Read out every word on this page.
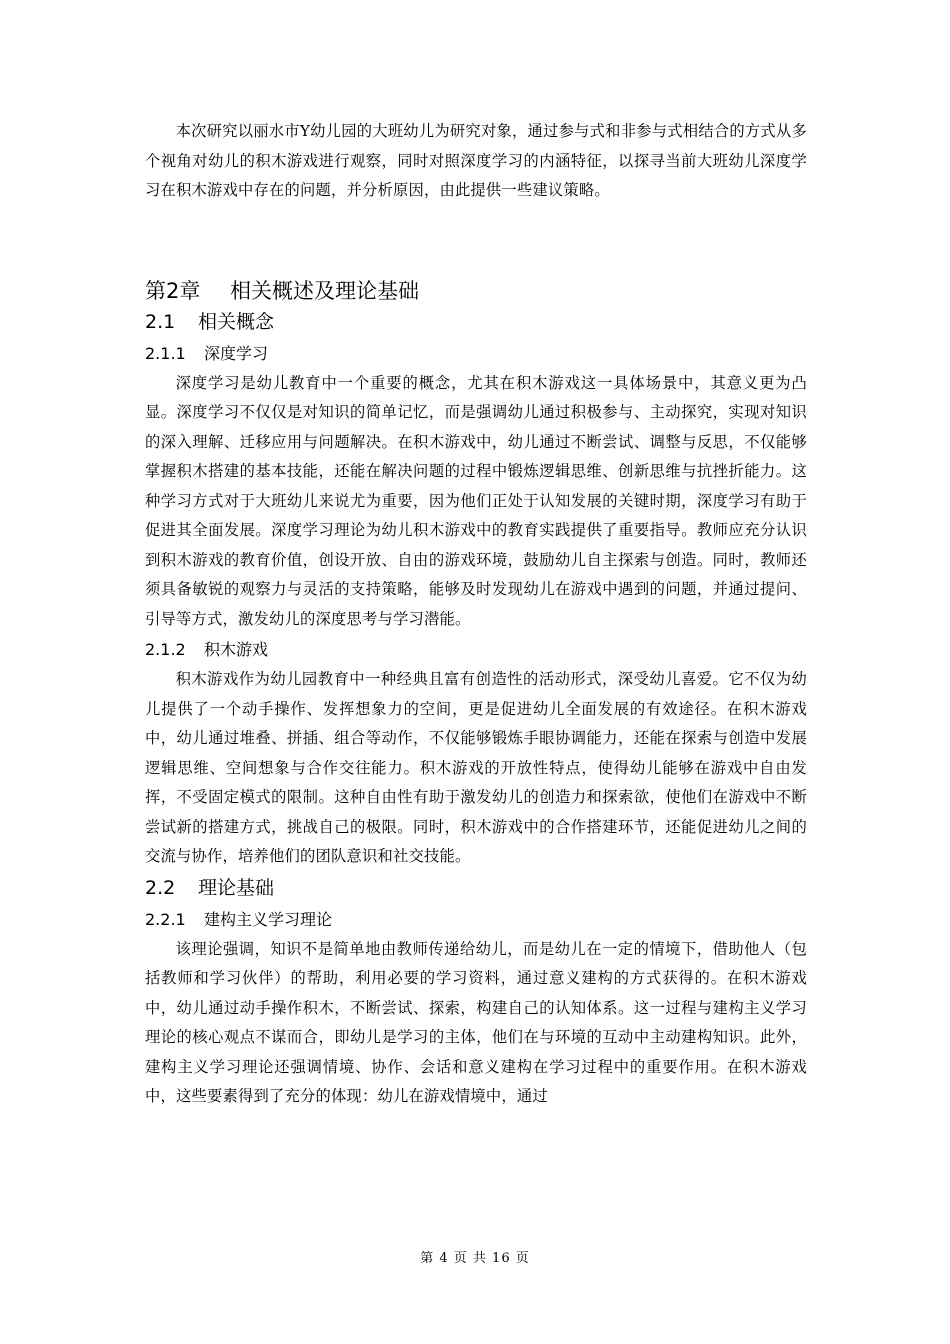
本次研究以丽水市Y幼儿园的大班幼儿为研究对象，通过参与式和非参与式相结合的方式从多个视角对幼儿的积木游戏进行观察，同时对照深度学习的内涵特征，以探寻当前大班幼儿深度学习在积木游戏中存在的问题，并分析原因，由此提供一些建议策略。

第2章 相关概述及理论基础
2.1 相关概念
2.1.1 深度学习

深度学习是幼儿教育中一个重要的概念，尤其在积木游戏这一具体场景中，其意义更为凸显。深度学习不仅仅是对知识的简单记忆，而是强调幼儿通过积极参与、主动探究，实现对知识的深入理解、迁移应用与问题解决。在积木游戏中，幼儿通过不断尝试、调整与反思，不仅能够掌握积木搭建的基本技能，还能在解决问题的过程中锻炼逻辑思维、创新思维与抗挫折能力。这种学习方式对于大班幼儿来说尤为重要，因为他们正处于认知发展的关键时期，深度学习有助于促进其全面发展。深度学习理论为幼儿积木游戏中的教育实践提供了重要指导。教师应充分认识到积木游戏的教育价值，创设开放、自由的游戏环境，鼓励幼儿自主探索与创造。同时，教师还须具备敏锐的观察力与灵活的支持策略，能够及时发现幼儿在游戏中遇到的问题，并通过提问、引导等方式，激发幼儿的深度思考与学习潜能。

2.1.2 积木游戏

积木游戏作为幼儿园教育中一种经典且富有创造性的活动形式，深受幼儿喜爱。它不仅为幼儿提供了一个动手操作、发挥想象力的空间，更是促进幼儿全面发展的有效途径。在积木游戏中，幼儿通过堆叠、拼插、组合等动作，不仅能够锻炼手眼协调能力，还能在探索与创造中发展逻辑思维、空间想象与合作交往能力。积木游戏的开放性特点，使得幼儿能够在游戏中自由发挥，不受固定模式的限制。这种自由性有助于激发幼儿的创造力和探索欲，使他们在游戏中不断尝试新的搭建方式，挑战自己的极限。同时，积木游戏中的合作搭建环节，还能促进幼儿之间的交流与协作，培养他们的团队意识和社交技能。

2.2 理论基础
2.2.1 建构主义学习理论

该理论强调，知识不是简单地由教师传递给幼儿，而是幼儿在一定的情境下，借助他人（包括教师和学习伙伴）的帮助，利用必要的学习资料，通过意义建构的方式获得的。在积木游戏中，幼儿通过动手操作积木，不断尝试、探索，构建自己的认知体系。这一过程与建构主义学习理论的核心观点不谋而合，即幼儿是学习的主体，他们在与环境的互动中主动建构知识。此外，建构主义学习理论还强调情境、协作、会话和意义建构在学习过程中的重要作用。在积木游戏中，这些要素得到了充分的体现：幼儿在游戏情境中，通过

第 4 页 共 16 页
